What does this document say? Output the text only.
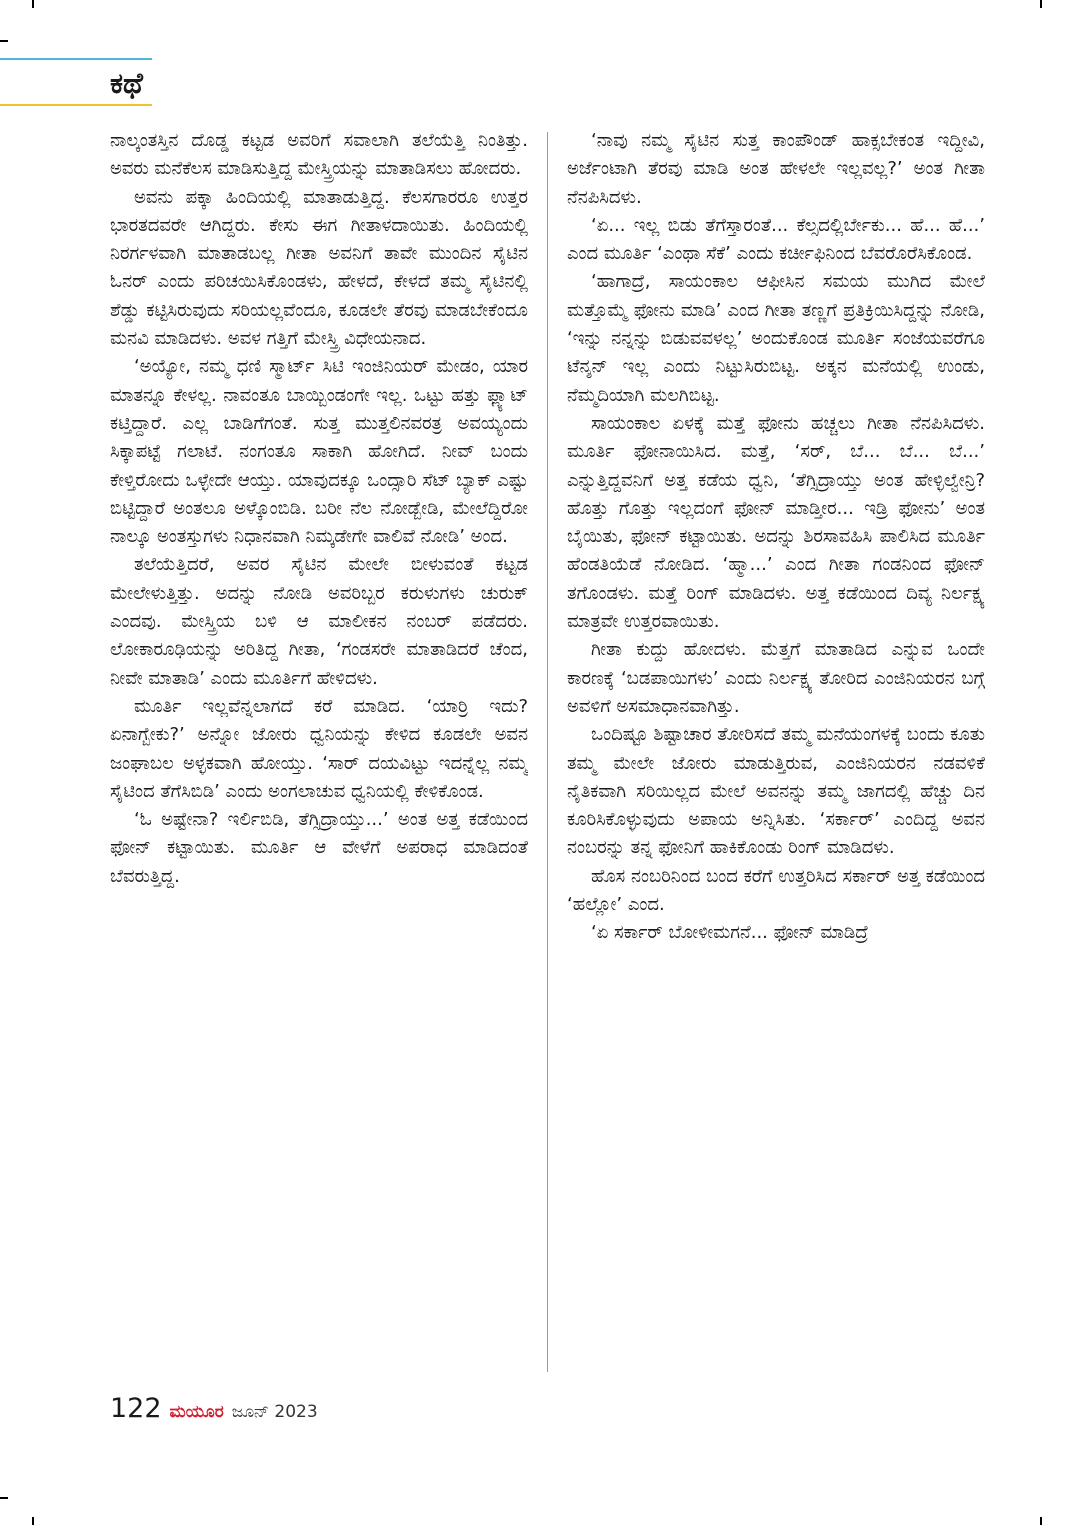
ಕಥೆ

ನಾಲ್ಕಂತಸ್ತಿನ ದೊಡ್ಡ ಕಟ್ಟಡ ಅವರಿಗೆ ಸವಾಲಾಗಿ ತಲೆಯೆತ್ತಿ ನಿಂತಿತ್ತು. ಅವರು ಮನೆಕೆಲಸ ಮಾಡಿಸುತ್ತಿದ್ದ ಮೇಸ್ತ್ರಿಯನ್ನು ಮಾತಾಡಿಸಲು ಹೋದರು.

ಅವನು ಪಕ್ಕಾ ಹಿಂದಿಯಲ್ಲಿ ಮಾತಾಡುತ್ತಿದ್ದ. ಕೆಲಸಗಾರರೂ ಉತ್ತರ ಭಾರತದವರೇ ಆಗಿದ್ದರು. ಕೇಸು ಈಗ ಗೀತಾಳದಾಯಿತು. ಹಿಂದಿಯಲ್ಲಿ ನಿರರ್ಗಳವಾಗಿ ಮಾತಾಡಬಲ್ಲ ಗೀತಾ ಅವನಿಗೆ ತಾವೇ ಮುಂದಿನ ಸೈಟಿನ ಓನರ್ ಎಂದು ಪರಿಚಯಿಸಿಕೊಂಡಳು, ಹೇಳದೆ, ಕೇಳದೆ ತಮ್ಮ ಸೈಟಿನಲ್ಲಿ ಶೆಡ್ಡು ಕಟ್ಟಿಸಿರುವುದು ಸರಿಯಲ್ಲವೆಂದೂ, ಕೂಡಲೇ ತೆರವು ಮಾಡಬೇಕೆಂದೂ ಮನವಿ ಮಾಡಿದಳು. ಅವಳ ಗತ್ತಿಗೆ ಮೇಸ್ತ್ರಿ ವಿಧೇಯನಾದ.

‘ಅಯ್ಯೋ, ನಮ್ಮ ಧಣಿ ಸ್ಮಾರ್ಟ್ ಸಿಟಿ ಇಂಜಿನಿಯರ್ ಮೇಡಂ, ಯಾರ ಮಾತನ್ನೂ ಕೇಳಲ್ಲ. ನಾವಂತೂ ಬಾಯ್ಬಿಂಡಂಗೇ ಇಲ್ಲ. ಒಟ್ಟು ಹತ್ತು ಫ್ಲ್ಯಾಟ್ ಕಟ್ತಿದ್ದಾರೆ. ಎಲ್ಲ ಬಾಡಿಗೆಗಂತೆ. ಸುತ್ತ ಮುತ್ತಲಿನವರತ್ರ ಅವಯ್ಯಂದು ಸಿಕ್ಕಾಪಟ್ಟೆ ಗಲಾಟೆ. ನಂಗಂತೂ ಸಾಕಾಗಿ ಹೋಗಿದೆ. ನೀವ್ ಬಂದು ಕೇಳ್ತಿರೋದು ಒಳ್ಳೇದೇ ಆಯ್ತು. ಯಾವುದಕ್ಕೂ ಒಂದ್ಸಾರಿ ಸೆಟ್ ಬ್ಯಾಕ್ ಎಷ್ಟು ಬಿಟ್ಟಿದ್ದಾರೆ ಅಂತಲೂ ಅಳ್ಕೊಂಬಿಡಿ. ಬರೀ ನೆಲ ನೋಡ್ಬೇಡಿ, ಮೇಲೆದ್ದಿರೋ ನಾಲ್ಕೂ ಅಂತಸ್ತುಗಳು ನಿಧಾನವಾಗಿ ನಿಮ್ಕಡೇಗೇ ವಾಲಿವೆ ನೋಡಿ’ ಅಂದ.

ತಲೆಯೆತ್ತಿದರೆ, ಅವರ ಸೈಟಿನ ಮೇಲೇ ಬೀಳುವಂತೆ ಕಟ್ಟಡ ಮೇಲೇಳುತ್ತಿತ್ತು. ಅದನ್ನು ನೋಡಿ ಅವರಿಬ್ಬರ ಕರುಳುಗಳು ಚುರುಕ್ ಎಂದವು. ಮೇಸ್ತ್ರಿಯ ಬಳಿ ಆ ಮಾಲೀಕನ ನಂಬರ್ ಪಡೆದರು. ಲೋಕಾರೂಢಿಯನ್ನು ಅರಿತಿದ್ದ ಗೀತಾ, ‘ಗಂಡಸರೇ ಮಾತಾಡಿದರೆ ಚೆಂದ, ನೀವೇ ಮಾತಾಡಿ’ ಎಂದು ಮೂರ್ತಿಗೆ ಹೇಳಿದಳು.

ಮೂರ್ತಿ ಇಲ್ಲವೆನ್ನಲಾಗದೆ ಕರೆ ಮಾಡಿದ. ‘ಯಾರ್ರಿ ಇದು? ಏನಾಗ್ಬೇಕು?’ ಅನ್ನೋ ಜೋರು ಧ್ವನಿಯನ್ನು ಕೇಳಿದ ಕೂಡಲೇ ಅವನ ಜಂಘಾಬಲ ಅಳ್ಳಕವಾಗಿ ಹೋಯ್ತು. ‘ಸಾರ್ ದಯವಿಟ್ಟು ಇದನ್ನೆಲ್ಲ ನಮ್ಮ ಸೈಟಿಂದ ತೆಗೆಸಿಬಿಡಿ’ ಎಂದು ಅಂಗಲಾಚುವ ಧ್ವನಿಯಲ್ಲಿ ಕೇಳಿಕೊಂಡ.

‘ಓ ಅಷ್ಟೇನಾ? ಇರ್ಲಿಬಿಡಿ, ತೆಗ್ಸಿದ್ರಾಯ್ತು...’ ಅಂತ ಅತ್ತ ಕಡೆಯಿಂದ ಫೋನ್ ಕಟ್ಟಾಯಿತು. ಮೂರ್ತಿ ಆ ವೇಳೆಗೆ ಅಪರಾಧ ಮಾಡಿದಂತೆ ಬೆವರುತ್ತಿದ್ದ.

‘ನಾವು ನಮ್ಮ ಸೈಟಿನ ಸುತ್ತ ಕಾಂಪೌಂಡ್ ಹಾಕ್ಸಬೇಕಂತ ಇದ್ದೀವಿ, ಅರ್ಜೆಂಟಾಗಿ ತೆರವು ಮಾಡಿ ಅಂತ ಹೇಳಲೇ ಇಲ್ಲವಲ್ಲ?’ ಅಂತ ಗೀತಾ ನೆನಪಿಸಿದಳು.

‘ಏ... ಇಲ್ಲ ಬಿಡು ತೆಗೆಸ್ತಾರಂತೆ... ಕೆಲ್ಸದಲ್ಲಿರ್ಬೇಕು... ಹೆ... ಹೆ...’ ಎಂದ ಮೂರ್ತಿ ‘ಎಂಥಾ ಸೆಕೆ’ ಎಂದು ಕರ್ಚೀಫಿನಿಂದ ಬೆವರೊರೆಸಿಕೊಂಡ.

‘ಹಾಗಾದ್ರೆ, ಸಾಯಂಕಾಲ ಆಫೀಸಿನ ಸಮಯ ಮುಗಿದ ಮೇಲೆ ಮತ್ತೊಮ್ಮೆ ಫೋನು ಮಾಡಿ’ ಎಂದ ಗೀತಾ ತಣ್ಣಗೆ ಪ್ರತಿಕ್ರಿಯಿಸಿದ್ದನ್ನು ನೋಡಿ, ‘ಇನ್ನು ನನ್ನನ್ನು ಬಿಡುವವಳಲ್ಲ’ ಅಂದುಕೊಂಡ ಮೂರ್ತಿ ಸಂಜೆಯವರೆಗೂ ಟೆನ್ಶನ್ ಇಲ್ಲ ಎಂದು ನಿಟ್ಟುಸಿರುಬಿಟ್ಟ. ಅಕ್ಕನ ಮನೆಯಲ್ಲಿ ಉಂಡು, ನೆಮ್ಮದಿಯಾಗಿ ಮಲಗಿಬಿಟ್ಟ.

ಸಾಯಂಕಾಲ ಏಳಕ್ಕೆ ಮತ್ತೆ ಫೋನು ಹಚ್ಚಲು ಗೀತಾ ನೆನಪಿಸಿದಳು. ಮೂರ್ತಿ ಫೋನಾಯಿಸಿದ. ಮತ್ತೆ, ‘ಸರ್, ಬೆ... ಬೆ... ಬೆ...’ ಎನ್ನುತ್ತಿದ್ದವನಿಗೆ ಅತ್ತ ಕಡೆಯ ಧ್ವನಿ, ‘ತೆಗ್ಸಿದ್ರಾಯ್ತು ಅಂತ ಹೇಳ್ಳಿಲ್ವೇನ್ರಿ? ಹೊತ್ತು ಗೊತ್ತು ಇಲ್ಲದಂಗೆ ಫೋನ್ ಮಾಡ್ತೀರ... ಇಡ್ರಿ ಫೋನು’ ಅಂತ ಬೈಯಿತು, ಫೋನ್ ಕಟ್ಟಾಯಿತು. ಅದನ್ನು ಶಿರಸಾವಹಿಸಿ ಪಾಲಿಸಿದ ಮೂರ್ತಿ ಹೆಂಡತಿಯೆಡೆ ನೋಡಿದ. ‘ಹ್ಮಾ...’ ಎಂದ ಗೀತಾ ಗಂಡನಿಂದ ಫೋನ್ ತಗೊಂಡಳು. ಮತ್ತೆ ರಿಂಗ್ ಮಾಡಿದಳು. ಅತ್ತ ಕಡೆಯಿಂದ ದಿವ್ಯ ನಿರ್ಲಕ್ಷ್ಯ ಮಾತ್ರವೇ ಉತ್ತರವಾಯಿತು.

ಗೀತಾ ಕುದ್ದು ಹೋದಳು. ಮೆತ್ತಗೆ ಮಾತಾಡಿದ ಎನ್ನುವ ಒಂದೇ ಕಾರಣಕ್ಕೆ ‘ಬಡಪಾಯಿಗಳು’ ಎಂದು ನಿರ್ಲಕ್ಷ್ಯ ತೋರಿದ ಎಂಜಿನಿಯರನ ಬಗ್ಗೆ ಅವಳಿಗೆ ಅಸಮಾಧಾನವಾಗಿತ್ತು.

ಒಂದಿಷ್ಟೂ ಶಿಷ್ಟಾಚಾರ ತೋರಿಸದೆ ತಮ್ಮ ಮನೆಯಂಗಳಕ್ಕೆ ಬಂದು ಕೂತು ತಮ್ಮ ಮೇಲೇ ಜೋರು ಮಾಡುತ್ತಿರುವ, ಎಂಜಿನಿಯರನ ನಡವಳಿಕೆ ನೈತಿಕವಾಗಿ ಸರಿಯಿಲ್ಲದ ಮೇಲೆ ಅವನನ್ನು ತಮ್ಮ ಜಾಗದಲ್ಲಿ ಹೆಚ್ಚು ದಿನ ಕೂರಿಸಿಕೊಳ್ಳುವುದು ಅಪಾಯ ಅನ್ನಿಸಿತು. ‘ಸರ್ಕಾರ್’ ಎಂದಿದ್ದ ಅವನ ನಂಬರನ್ನು ತನ್ನ ಫೋನಿಗೆ ಹಾಕಿಕೊಂಡು ರಿಂಗ್ ಮಾಡಿದಳು.

ಹೊಸ ನಂಬರಿನಿಂದ ಬಂದ ಕರೆಗೆ ಉತ್ತರಿಸಿದ ಸರ್ಕಾರ್ ಅತ್ತ ಕಡೆಯಿಂದ ‘ಹಲ್ಲೋ’ ಎಂದ.

‘ಏ ಸರ್ಕಾರ್ ಬೋಳೀಮಗನೆ... ಫೋನ್ ಮಾಡಿದ್ರೆ

122 ಮಯೂರ ಜೂನ್ 2023
